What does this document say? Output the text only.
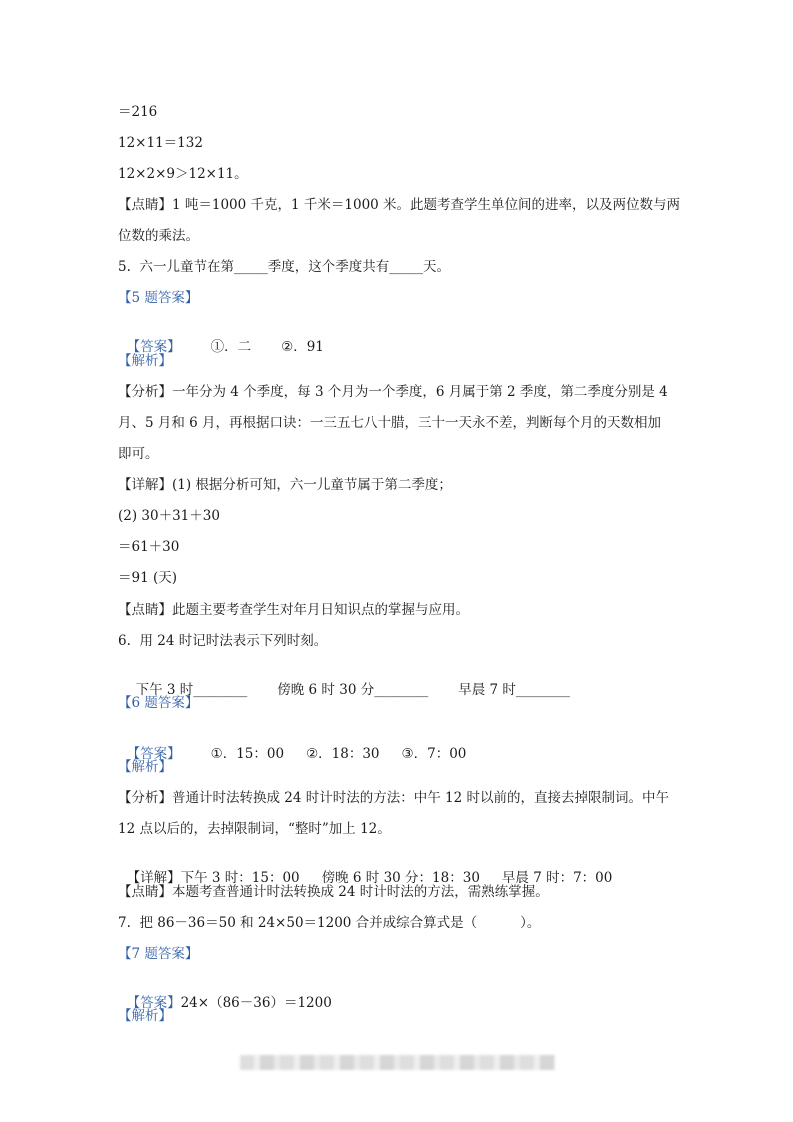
＝216
12×11＝132
12×2×9＞12×11。
【点睛】1 吨＝1000 千克，1 千米＝1000 米。此题考查学生单位间的进率，以及两位数与两
位数的乘法。
5.  六一儿童节在第_____季度，这个季度共有_____天。
【5 题答案】

【答案】 ①．二 ②．91

【解析】
【分析】一年分为 4 个季度，每 3 个月为一个季度，6 月属于第 2 季度，第二季度分别是 4
月、5 月和 6 月，再根据口诀：一三五七八十腊，三十一天永不差，判断每个月的天数相加
即可。
【详解】(1) 根据分析可知，六一儿童节属于第二季度；
(2) 30＋31＋30
＝61＋30
＝91 (天)
【点睛】此题主要考查学生对年月日知识点的掌握与应用。
6.  用 24 时记时法表示下列时刻。

下午 3 时________ 傍晚 6 时 30 分________ 早晨 7 时________

【6 题答案】

【答案】 ①．15：00 ②．18：30 ③．7：00

【解析】
【分析】普通计时法转换成 24 时计时法的方法：中午 12 时以前的，直接去掉限制词。中午
12 点以后的，去掉限制词，“整时”加上 12。

【详解】下午 3 时：15：00 傍晚 6 时 30 分：18：30 早晨 7 时：7：00

【点睛】本题考查普通计时法转换成 24 时计时法的方法，需熟练掌握。
7.  把 86－36＝50 和 24×50＝1200 合并成综合算式是（          ）。
【7 题答案】

【答案】24×（86－36）＝1200

【解析】
